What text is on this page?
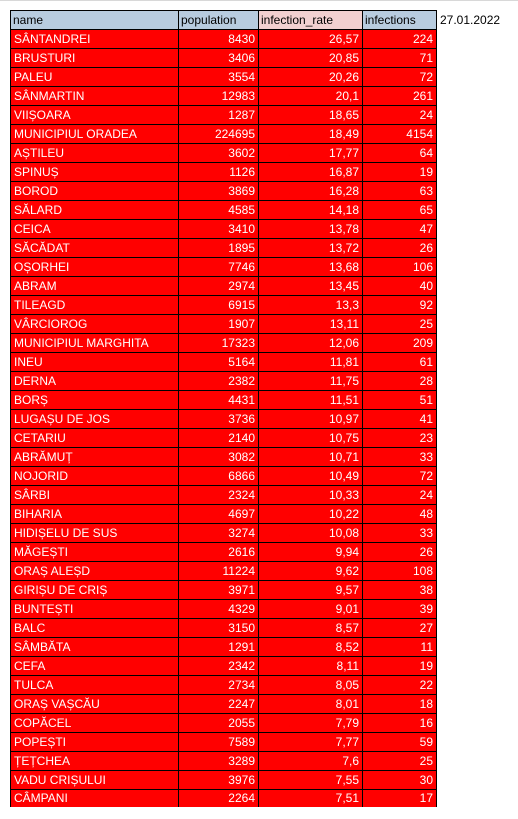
name	population	infection_rate	infections
SÂNTANDREI	8430	26,57	224
BRUSTURI	3406	20,85	71
PALEU	3554	20,26	72
SÂNMARTIN	12983	20,1	261
VIIȘOARA	1287	18,65	24
MUNICIPIUL ORADEA	224695	18,49	4154
AȘTILEU	3602	17,77	64
SPINUȘ	1126	16,87	19
BOROD	3869	16,28	63
SĂLARD	4585	14,18	65
CEICA	3410	13,78	47
SĂCĂDAT	1895	13,72	26
OȘORHEI	7746	13,68	106
ABRAM	2974	13,45	40
TILEAGD	6915	13,3	92
VÂRCIOROG	1907	13,11	25
MUNICIPIUL MARGHITA	17323	12,06	209
INEU	5164	11,81	61
DERNA	2382	11,75	28
BORȘ	4431	11,51	51
LUGAȘU DE JOS	3736	10,97	41
CETARIU	2140	10,75	23
ABRĂMUȚ	3082	10,71	33
NOJORID	6866	10,49	72
SÂRBI	2324	10,33	24
BIHARIA	4697	10,22	48
HIDIȘELU DE SUS	3274	10,08	33
MĂGEȘTI	2616	9,94	26
ORAȘ ALEȘD	11224	9,62	108
GIRIȘU DE CRIȘ	3971	9,57	38
BUNTEȘTI	4329	9,01	39
BALC	3150	8,57	27
SÂMBĂTA	1291	8,52	11
CEFA	2342	8,11	19
TULCA	2734	8,05	22
ORAȘ VAȘCĂU	2247	8,01	18
COPĂCEL	2055	7,79	16
POPEȘTI	7589	7,77	59
ȚEȚCHEA	3289	7,6	25
VADU CRIȘULUI	3976	7,55	30
CÂMPANI	2264	7,51	17
27.01.2022
